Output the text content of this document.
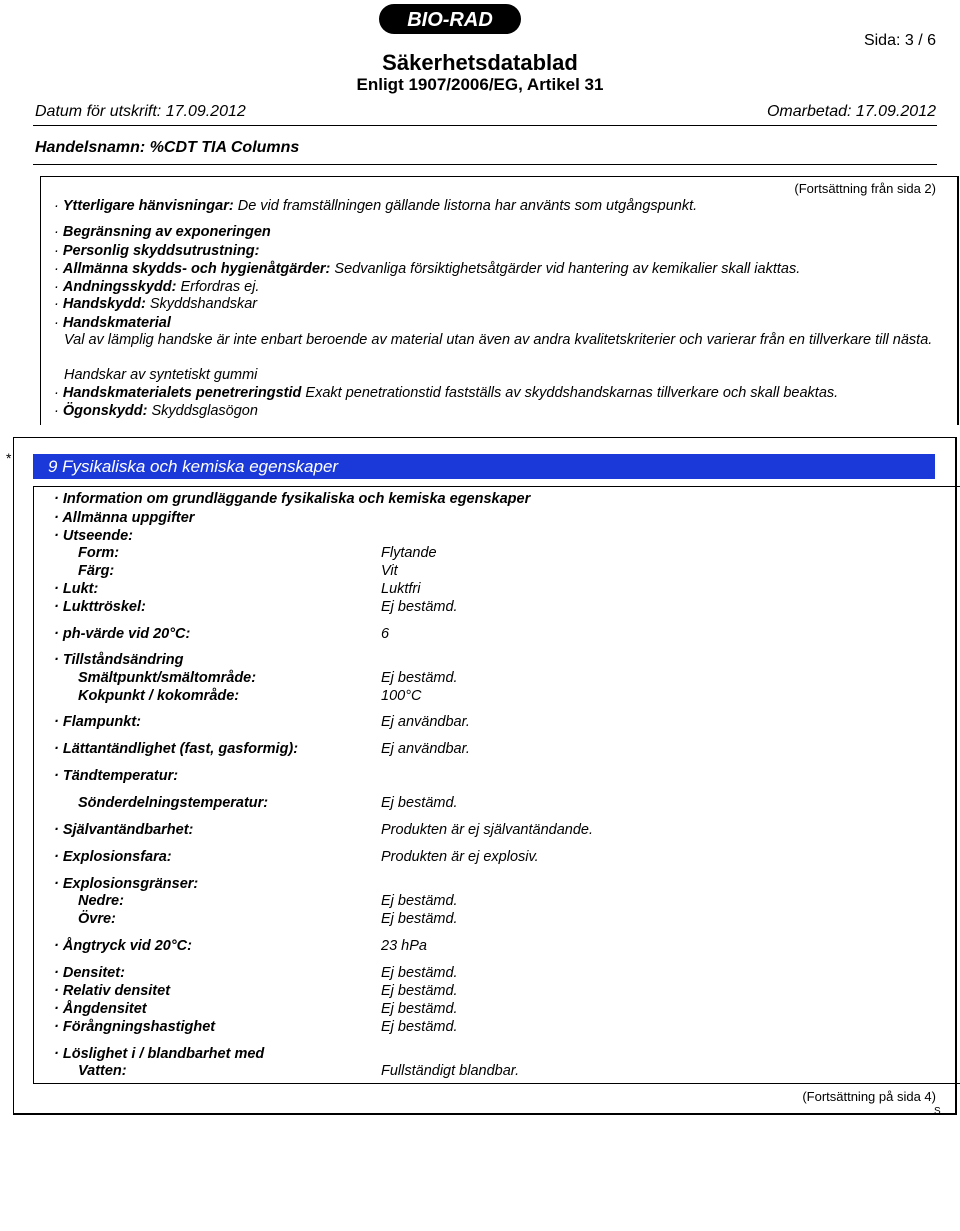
BIO-RAD
Sida: 3 / 6
Säkerhetsdatablad
Enligt 1907/2006/EG, Artikel 31
Datum för utskrift: 17.09.2012	Omarbetad: 17.09.2012
Handelsnamn: %CDT TIA Columns
(Fortsättning från sida 2)
· Ytterligare hänvisningar: De vid framställningen gällande listorna har använts som utgångspunkt.
· Begränsning av exponeringen
· Personlig skyddsutrustning:
· Allmänna skydds- och hygienåtgärder: Sedvanliga försiktighetsåtgärder vid hantering av kemikalier skall iakttas.
· Andningsskydd: Erfordras ej.
· Handskydd: Skyddshandskar
· Handskmaterial
Val av lämplig handske är inte enbart beroende av material utan även av andra kvalitetskriterier och varierar från en tillverkare till nästa.
Handskar av syntetiskt gummi
· Handskmaterialets penetreringstid Exakt penetrationstid fastställs av skyddshandskarnas tillverkare och skall beaktas.
· Ögonskydd: Skyddsglasögon
*	9 Fysikaliska och kemiska egenskaper
· Information om grundläggande fysikaliska och kemiska egenskaper
· Allmänna uppgifter
· Utseende:
Form:	Flytande
Färg:	Vit
· Lukt:	Luktfri
· Lukttröskel:	Ej bestämd.
· ph-värde vid 20°C:	6
· Tillståndsändring
Smältpunkt/smältområde:	Ej bestämd.
Kokpunkt / kokområde:	100°C
· Flampunkt:	Ej användbar.
· Lättantändlighet (fast, gasformig):	Ej användbar.
· Tändtemperatur:
Sönderdelningstemperatur:	Ej bestämd.
· Självantändbarhet:	Produkten är ej självantändande.
· Explosionsfara:	Produkten är ej explosiv.
· Explosionsgränser:
Nedre:	Ej bestämd.
Övre:	Ej bestämd.
· Ångtryck vid 20°C:	23 hPa
· Densitet:	Ej bestämd.
· Relativ densitet	Ej bestämd.
· Ångdensitet	Ej bestämd.
· Förångningshastighet	Ej bestämd.
· Löslighet i / blandbarhet med
Vatten:	Fullständigt blandbar.
(Fortsättning på sida 4)
S
